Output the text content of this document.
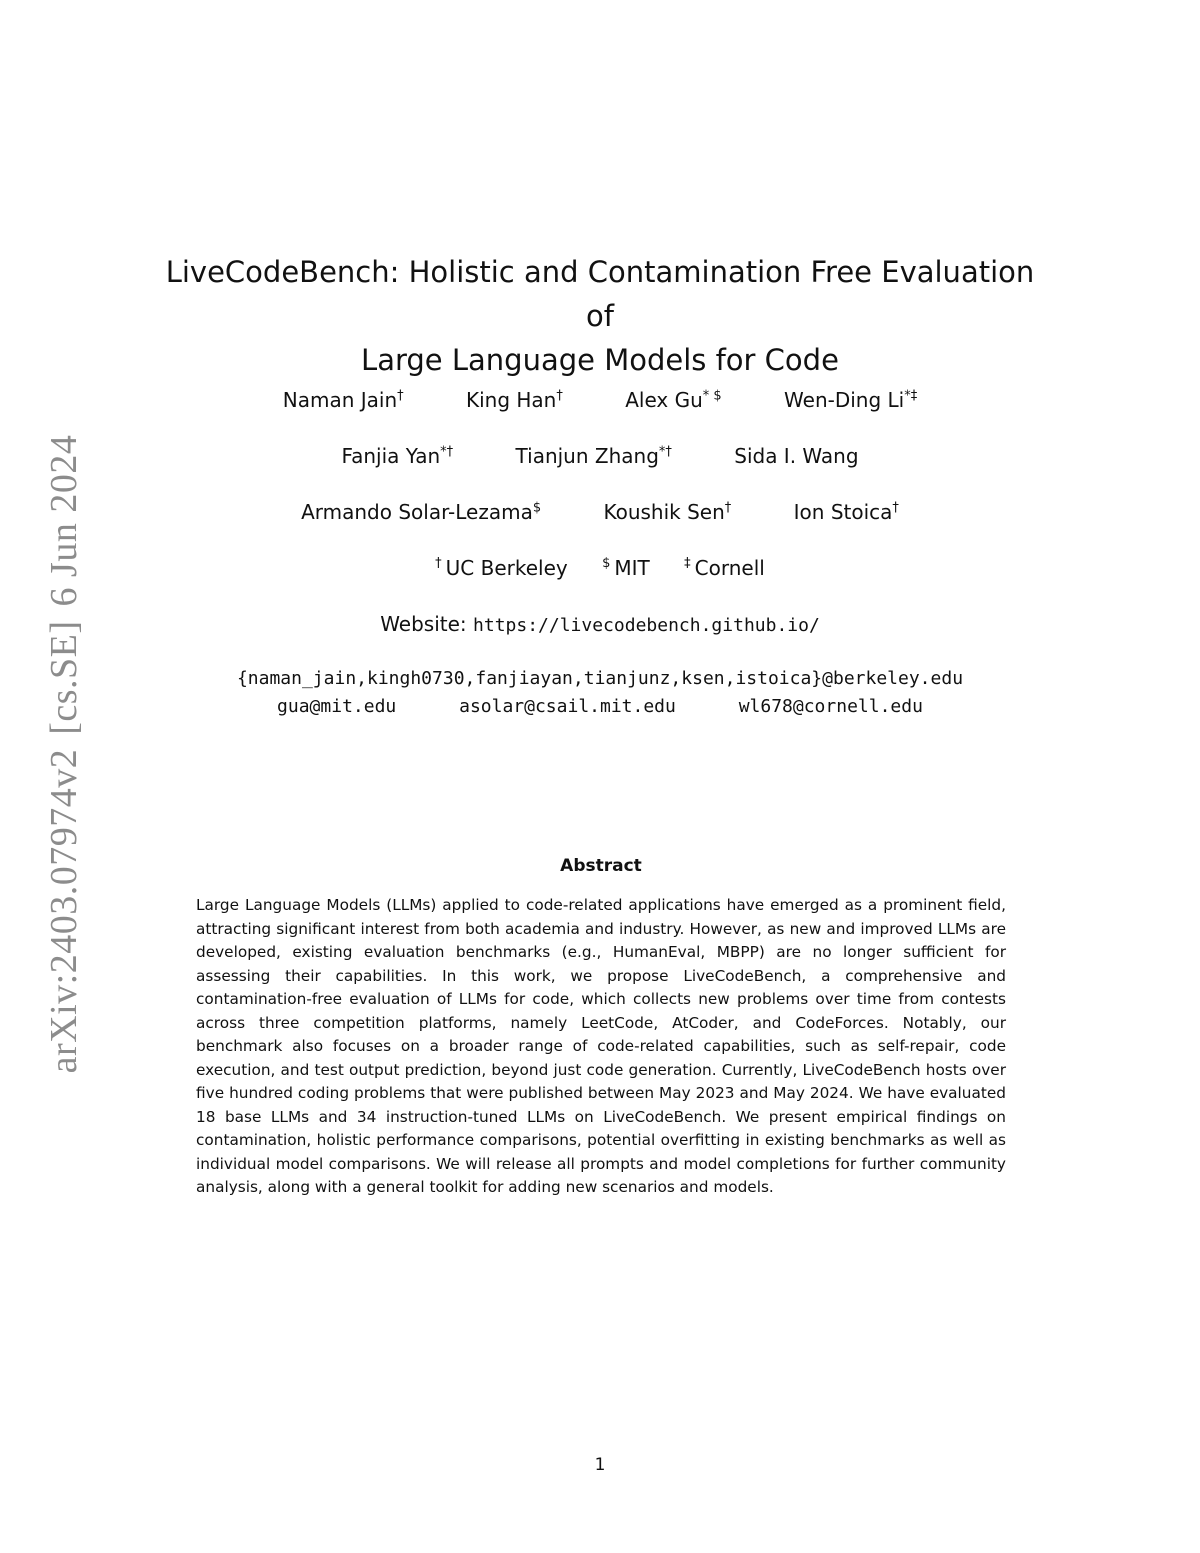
arXiv:2403.07974v2[cs.SE]6 Jun 2024
LiveCodeBench: Holistic and Contamination Free Evaluation of
Large Language Models for Code
Naman Jain†	King Han†	Alex Gu* $	Wen-Ding Li*‡
Fanjia Yan*†	Tianjun Zhang*†	Sida I. Wang
Armando Solar-Lezama$	Koushik Sen†	Ion Stoica†
† UC Berkeley	$ MIT	‡ Cornell
Website: https://livecodebench.github.io/
{naman_jain,kingh0730,fanjiayan,tianjunz,ksen,istoica}@berkeley.edu
gua@mit.edu	asolar@csail.mit.edu	wl678@cornell.edu
Abstract

Large Language Models (LLMs) applied to code-related applications have emerged as a prominent field, attracting significant interest from both academia and industry. However, as new and improved LLMs are developed, existing evaluation benchmarks (e.g., HumanEval, MBPP) are no longer sufficient for assessing their capabilities. In this work, we propose LiveCodeBench, a comprehensive and contamination-free evaluation of LLMs for code, which collects new problems over time from contests across three competition platforms, namely LeetCode, AtCoder, and CodeForces. Notably, our benchmark also focuses on a broader range of code-related capabilities, such as self-repair, code execution, and test output prediction, beyond just code generation. Currently, LiveCodeBench hosts over five hundred coding problems that were published between May 2023 and May 2024. We have evaluated 18 base LLMs and 34 instruction-tuned LLMs on LiveCodeBench. We present empirical findings on contamination, holistic performance comparisons, potential overfitting in existing benchmarks as well as individual model comparisons. We will release all prompts and model completions for further community analysis, along with a general toolkit for adding new scenarios and models.

1
